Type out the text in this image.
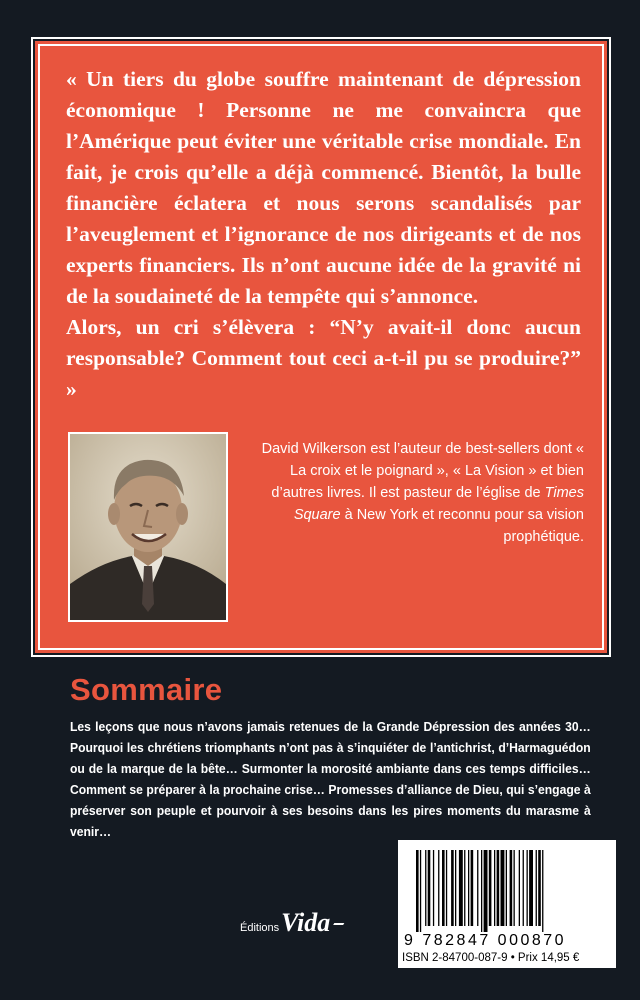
« Un tiers du globe souffre maintenant de dépression économique ! Personne ne me convaincra que l’Amérique peut éviter une véritable crise mondiale. En fait, je crois qu’elle a déjà commencé. Bientôt, la bulle financière éclatera et nous serons scandalisés par l’aveuglement et l’ignorance de nos dirigeants et de nos experts financiers. Ils n’ont aucune idée de la gravité ni de la soudaineté de la tempête qui s’annonce.

Alors, un cri s’élèvera : “N’y avait-il donc aucun responsable? Comment tout ceci a-t-il pu se produire?” »

David Wilkerson est l’auteur de best-sellers dont « La croix et le poignard », « La Vision » et bien d’autres livres. Il est pasteur de l’église de Times Square à New York et reconnu pour sa vision prophétique.
Sommaire

Les leçons que nous n’avons jamais retenues de la Grande Dépression des années 30… Pourquoi les chrétiens triomphants n’ont pas à s’inquiéter de l’antichrist, d’Harmaguédon ou de la marque de la bête… Surmonter la morosité ambiante dans ces temps difficiles… Comment se préparer à la prochaine crise… Promesses d’alliance de Dieu, qui s’engage à préserver son peuple et pourvoir à ses besoins dans les pires moments du marasme à venir…

Éditions Vida
9 782847 000870
ISBN 2-84700-087-9 • Prix 14,95 €
